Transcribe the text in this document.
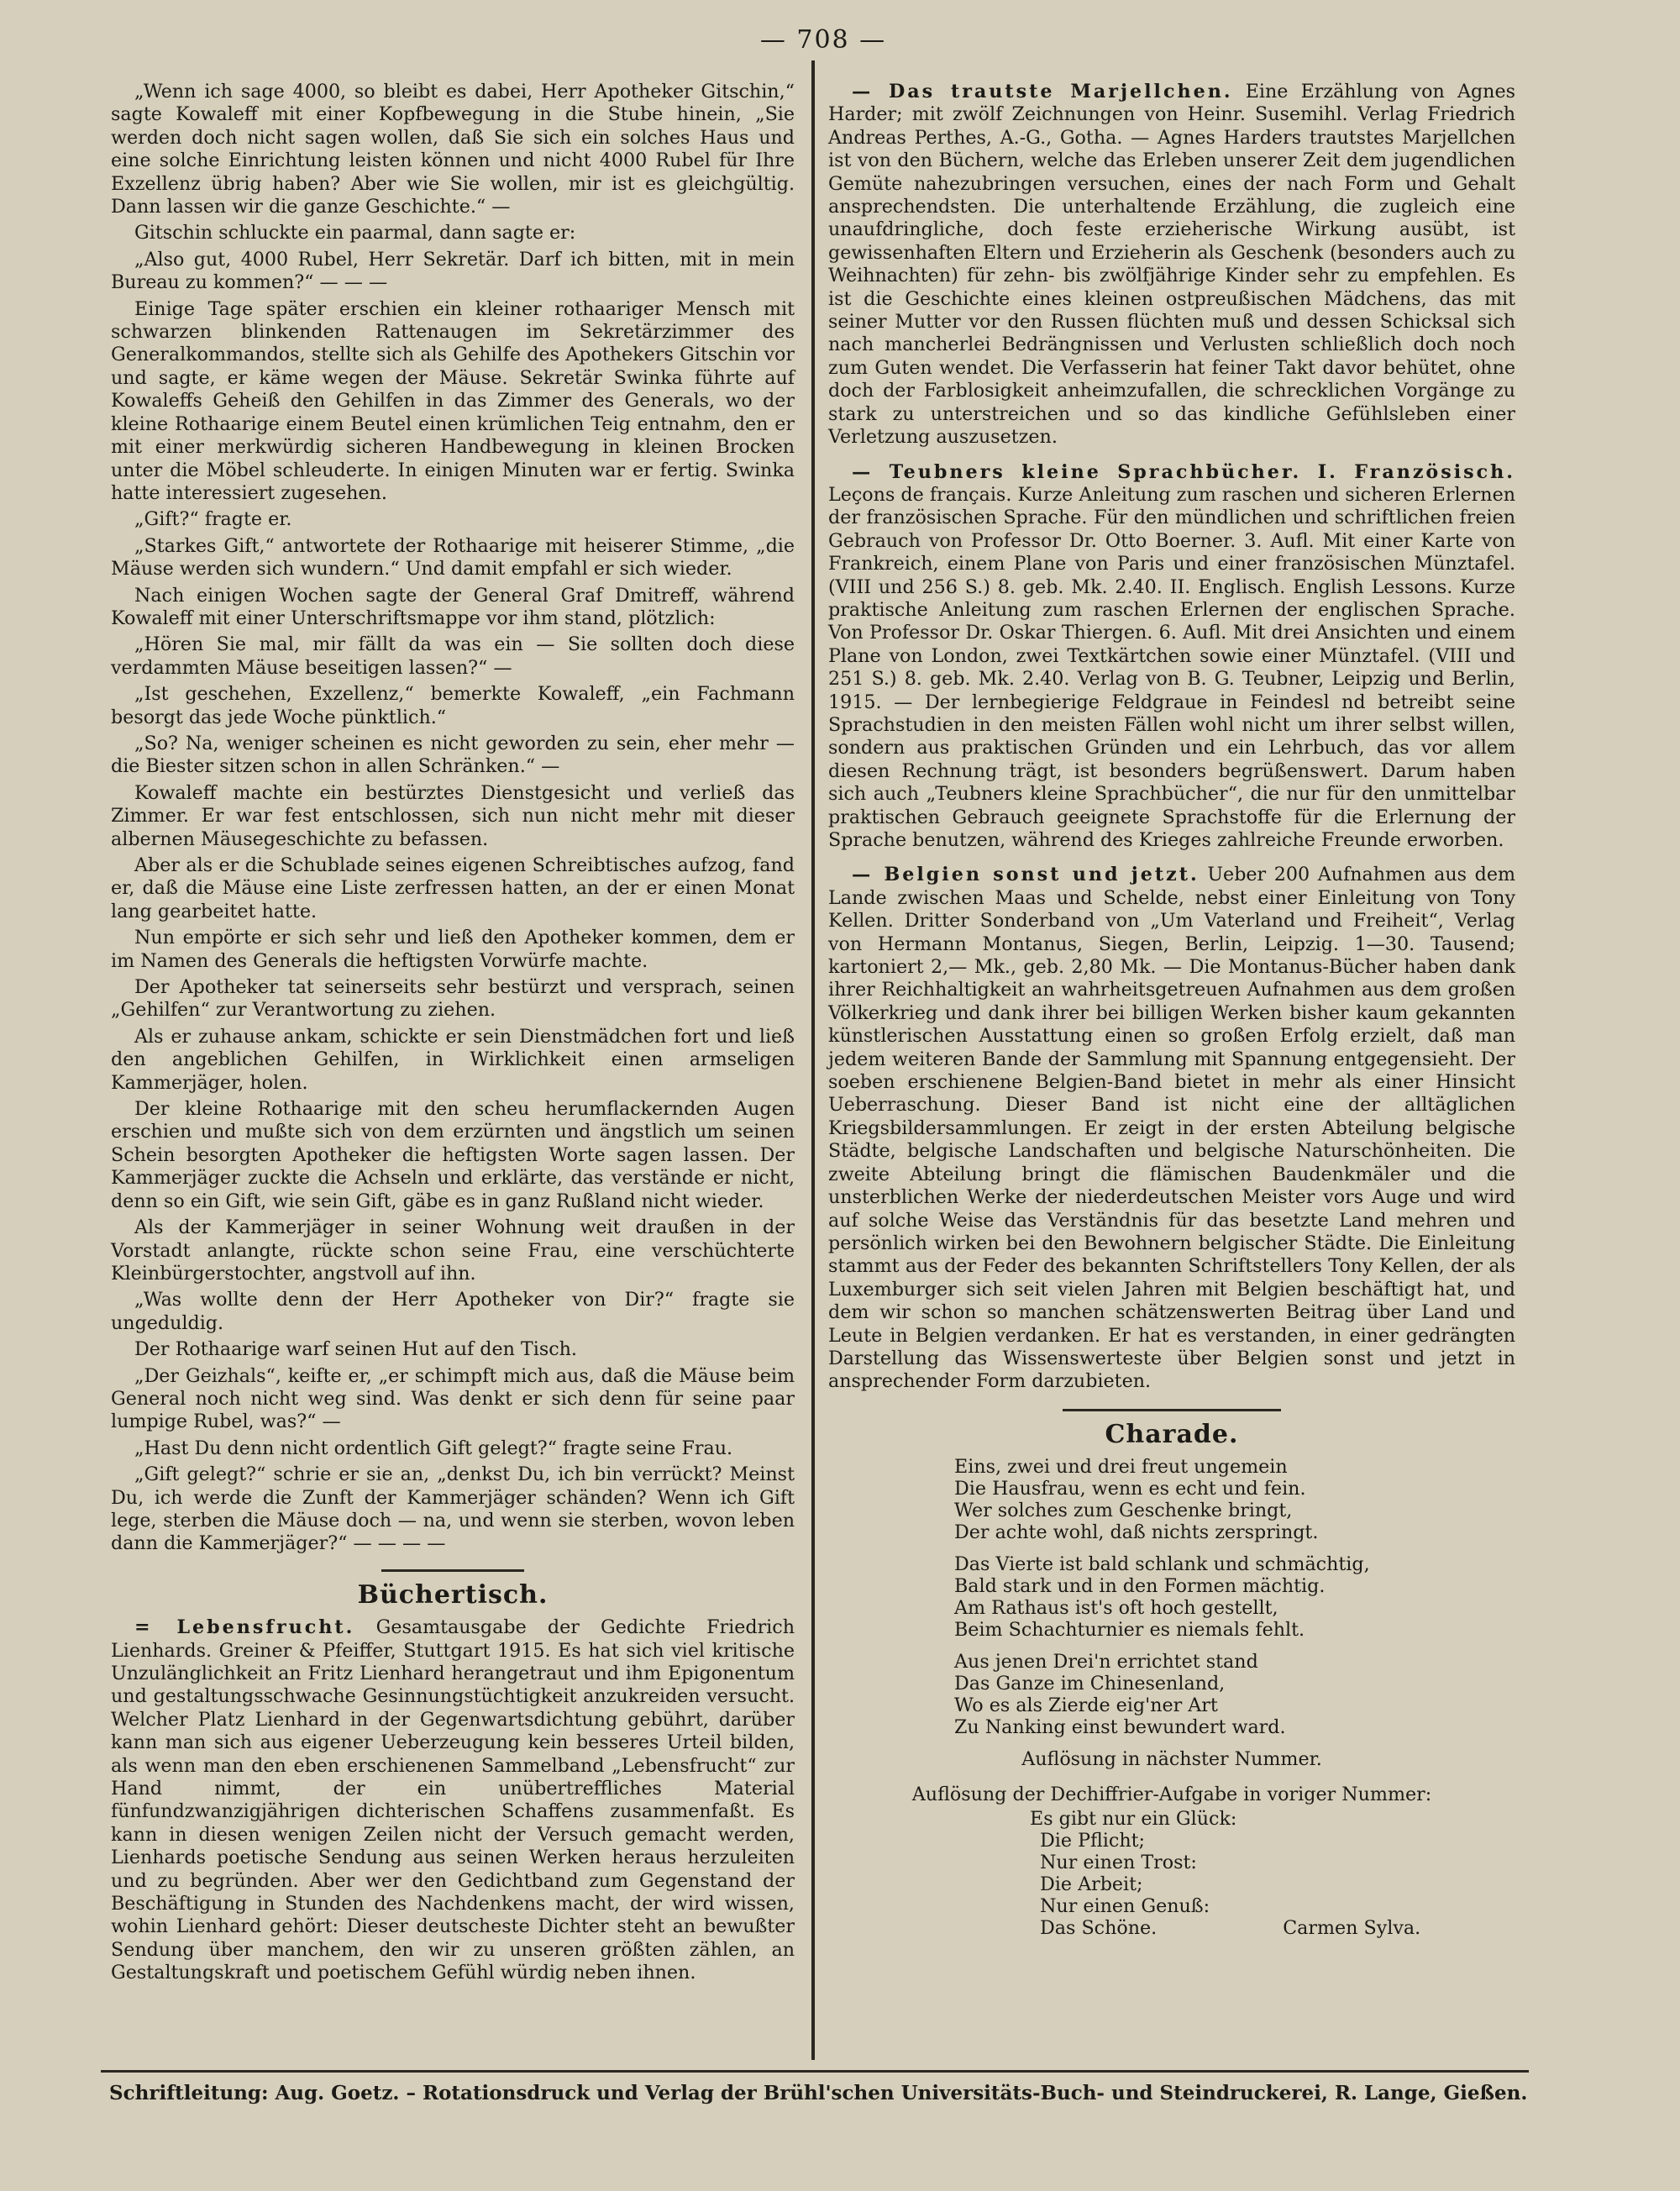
— 708 —

„Wenn ich sage 4000, so bleibt es dabei, Herr Apotheker Gitschin,“ sagte Kowaleff mit einer Kopfbewegung in die Stube hinein, „Sie werden doch nicht sagen wollen, daß Sie sich ein solches Haus und eine solche Einrichtung leisten können und nicht 4000 Rubel für Ihre Exzellenz übrig haben? Aber wie Sie wollen, mir ist es gleichgültig. Dann lassen wir die ganze Geschichte.“ —

Gitschin schluckte ein paarmal, dann sagte er:

„Also gut, 4000 Rubel, Herr Sekretär. Darf ich bitten, mit in mein Bureau zu kommen?“ — — —

Einige Tage später erschien ein kleiner rothaariger Mensch mit schwarzen blinkenden Rattenaugen im Sekretärzimmer des Generalkommandos, stellte sich als Gehilfe des Apothekers Gitschin vor und sagte, er käme wegen der Mäuse. Sekretär Swinka führte auf Kowaleffs Geheiß den Gehilfen in das Zimmer des Generals, wo der kleine Rothaarige einem Beutel einen krümlichen Teig entnahm, den er mit einer merkwürdig sicheren Handbewegung in kleinen Brocken unter die Möbel schleuderte. In einigen Minuten war er fertig. Swinka hatte interessiert zugesehen.

„Gift?“ fragte er.

„Starkes Gift,“ antwortete der Rothaarige mit heiserer Stimme, „die Mäuse werden sich wundern.“ Und damit empfahl er sich wieder.

Nach einigen Wochen sagte der General Graf Dmitreff, während Kowaleff mit einer Unterschriftsmappe vor ihm stand, plötzlich:

„Hören Sie mal, mir fällt da was ein — Sie sollten doch diese verdammten Mäuse beseitigen lassen?“ —

„Ist geschehen, Exzellenz,“ bemerkte Kowaleff, „ein Fachmann besorgt das jede Woche pünktlich.“

„So? Na, weniger scheinen es nicht geworden zu sein, eher mehr — die Biester sitzen schon in allen Schränken.“ —

Kowaleff machte ein bestürztes Dienstgesicht und verließ das Zimmer. Er war fest entschlossen, sich nun nicht mehr mit dieser albernen Mäusegeschichte zu befassen.

Aber als er die Schublade seines eigenen Schreibtisches aufzog, fand er, daß die Mäuse eine Liste zerfressen hatten, an der er einen Monat lang gearbeitet hatte.

Nun empörte er sich sehr und ließ den Apotheker kommen, dem er im Namen des Generals die heftigsten Vorwürfe machte.

Der Apotheker tat seinerseits sehr bestürzt und versprach, seinen „Gehilfen“ zur Verantwortung zu ziehen.

Als er zuhause ankam, schickte er sein Dienstmädchen fort und ließ den angeblichen Gehilfen, in Wirklichkeit einen armseligen Kammerjäger, holen.

Der kleine Rothaarige mit den scheu herumflackernden Augen erschien und mußte sich von dem erzürnten und ängstlich um seinen Schein besorgten Apotheker die heftigsten Worte sagen lassen. Der Kammerjäger zuckte die Achseln und erklärte, das verstände er nicht, denn so ein Gift, wie sein Gift, gäbe es in ganz Rußland nicht wieder.

Als der Kammerjäger in seiner Wohnung weit draußen in der Vorstadt anlangte, rückte schon seine Frau, eine verschüchterte Kleinbürgerstochter, angstvoll auf ihn.

„Was wollte denn der Herr Apotheker von Dir?“ fragte sie ungeduldig.

Der Rothaarige warf seinen Hut auf den Tisch.

„Der Geizhals“, keifte er, „er schimpft mich aus, daß die Mäuse beim General noch nicht weg sind. Was denkt er sich denn für seine paar lumpige Rubel, was?“ —

„Hast Du denn nicht ordentlich Gift gelegt?“ fragte seine Frau.

„Gift gelegt?“ schrie er sie an, „denkst Du, ich bin verrückt? Meinst Du, ich werde die Zunft der Kammerjäger schänden? Wenn ich Gift lege, sterben die Mäuse doch — na, und wenn sie sterben, wovon leben dann die Kammerjäger?“ — — — —

Büchertisch.

= Lebensfrucht. Gesamtausgabe der Gedichte Friedrich Lienhards. Greiner & Pfeiffer, Stuttgart 1915. Es hat sich viel kritische Unzulänglichkeit an Fritz Lienhard herangetraut und ihm Epigonentum und gestaltungsschwache Gesinnungstüchtigkeit anzukreiden versucht. Welcher Platz Lienhard in der Gegenwartsdichtung gebührt, darüber kann man sich aus eigener Ueberzeugung kein besseres Urteil bilden, als wenn man den eben erschienenen Sammelband „Lebensfrucht“ zur Hand nimmt, der ein unübertreffliches Material fünfundzwanzigjährigen dichterischen Schaffens zusammenfaßt. Es kann in diesen wenigen Zeilen nicht der Versuch gemacht werden, Lienhards poetische Sendung aus seinen Werken heraus herzuleiten und zu begründen. Aber wer den Gedichtband zum Gegenstand der Beschäftigung in Stunden des Nachdenkens macht, der wird wissen, wohin Lienhard gehört: Dieser deutscheste Dichter steht an bewußter Sendung über manchem, den wir zu unseren größten zählen, an Gestaltungskraft und poetischem Gefühl würdig neben ihnen.

— Das trautste Marjellchen. Eine Erzählung von Agnes Harder; mit zwölf Zeichnungen von Heinr. Susemihl. Verlag Friedrich Andreas Perthes, A.-G., Gotha. — Agnes Harders trautstes Marjellchen ist von den Büchern, welche das Erleben unserer Zeit dem jugendlichen Gemüte nahezubringen versuchen, eines der nach Form und Gehalt ansprechendsten. Die unterhaltende Erzählung, die zugleich eine unaufdringliche, doch feste erzieherische Wirkung ausübt, ist gewissenhaften Eltern und Erzieherin als Geschenk (besonders auch zu Weihnachten) für zehn- bis zwölfjährige Kinder sehr zu empfehlen. Es ist die Geschichte eines kleinen ostpreußischen Mädchens, das mit seiner Mutter vor den Russen flüchten muß und dessen Schicksal sich nach mancherlei Bedrängnissen und Verlusten schließlich doch noch zum Guten wendet. Die Verfasserin hat feiner Takt davor behütet, ohne doch der Farblosigkeit anheimzufallen, die schrecklichen Vorgänge zu stark zu unterstreichen und so das kindliche Gefühlsleben einer Verletzung auszusetzen.

— Teubners kleine Sprachbücher. I. Französisch. Leçons de français. Kurze Anleitung zum raschen und sicheren Erlernen der französischen Sprache. Für den mündlichen und schriftlichen freien Gebrauch von Professor Dr. Otto Boerner. 3. Aufl. Mit einer Karte von Frankreich, einem Plane von Paris und einer französischen Münztafel. (VIII und 256 S.) 8. geb. Mk. 2.40. II. Englisch. English Lessons. Kurze praktische Anleitung zum raschen Erlernen der englischen Sprache. Von Professor Dr. Oskar Thiergen. 6. Aufl. Mit drei Ansichten und einem Plane von London, zwei Textkärtchen sowie einer Münztafel. (VIII und 251 S.) 8. geb. Mk. 2.40. Verlag von B. G. Teubner, Leipzig und Berlin, 1915. — Der lernbegierige Feldgraue in Feindesl nd betreibt seine Sprachstudien in den meisten Fällen wohl nicht um ihrer selbst willen, sondern aus praktischen Gründen und ein Lehrbuch, das vor allem diesen Rechnung trägt, ist besonders begrüßenswert. Darum haben sich auch „Teubners kleine Sprachbücher“, die nur für den unmittelbar praktischen Gebrauch geeignete Sprachstoffe für die Erlernung der Sprache benutzen, während des Krieges zahlreiche Freunde erworben.

— Belgien sonst und jetzt. Ueber 200 Aufnahmen aus dem Lande zwischen Maas und Schelde, nebst einer Einleitung von Tony Kellen. Dritter Sonderband von „Um Vaterland und Freiheit“, Verlag von Hermann Montanus, Siegen, Berlin, Leipzig. 1—30. Tausend; kartoniert 2,— Mk., geb. 2,80 Mk. — Die Montanus-Bücher haben dank ihrer Reichhaltigkeit an wahrheitsgetreuen Aufnahmen aus dem großen Völkerkrieg und dank ihrer bei billigen Werken bisher kaum gekannten künstlerischen Ausstattung einen so großen Erfolg erzielt, daß man jedem weiteren Bande der Sammlung mit Spannung entgegensieht. Der soeben erschienene Belgien-Band bietet in mehr als einer Hinsicht Ueberraschung. Dieser Band ist nicht eine der alltäglichen Kriegsbildersammlungen. Er zeigt in der ersten Abteilung belgische Städte, belgische Landschaften und belgische Naturschönheiten. Die zweite Abteilung bringt die flämischen Baudenkmäler und die unsterblichen Werke der niederdeutschen Meister vors Auge und wird auf solche Weise das Verständnis für das besetzte Land mehren und persönlich wirken bei den Bewohnern belgischer Städte. Die Einleitung stammt aus der Feder des bekannten Schriftstellers Tony Kellen, der als Luxemburger sich seit vielen Jahren mit Belgien beschäftigt hat, und dem wir schon so manchen schätzenswerten Beitrag über Land und Leute in Belgien verdanken. Er hat es verstanden, in einer gedrängten Darstellung das Wissenswerteste über Belgien sonst und jetzt in ansprechender Form darzubieten.

Charade.
Eins, zwei und drei freut ungemein
Die Hausfrau, wenn es echt und fein.
Wer solches zum Geschenke bringt,
Der achte wohl, daß nichts zerspringt.
Das Vierte ist bald schlank und schmächtig,
Bald stark und in den Formen mächtig.
Am Rathaus ist's oft hoch gestellt,
Beim Schachturnier es niemals fehlt.
Aus jenen Drei'n errichtet stand
Das Ganze im Chinesenland,
Wo es als Zierde eig'ner Art
Zu Nanking einst bewundert ward.
Auflösung in nächster Nummer.
Auflösung der Dechiffrier-Aufgabe in voriger Nummer:
Es gibt nur ein Glück:
Die Pflicht;
Nur einen Trost:
Die Arbeit;
Nur einen Genuß:
Das Schöne.	Carmen Sylva.
Schriftleitung: Aug. Goetz. – Rotationsdruck und Verlag der Brühl'schen Universitäts-Buch- und Steindruckerei, R. Lange, Gießen.
